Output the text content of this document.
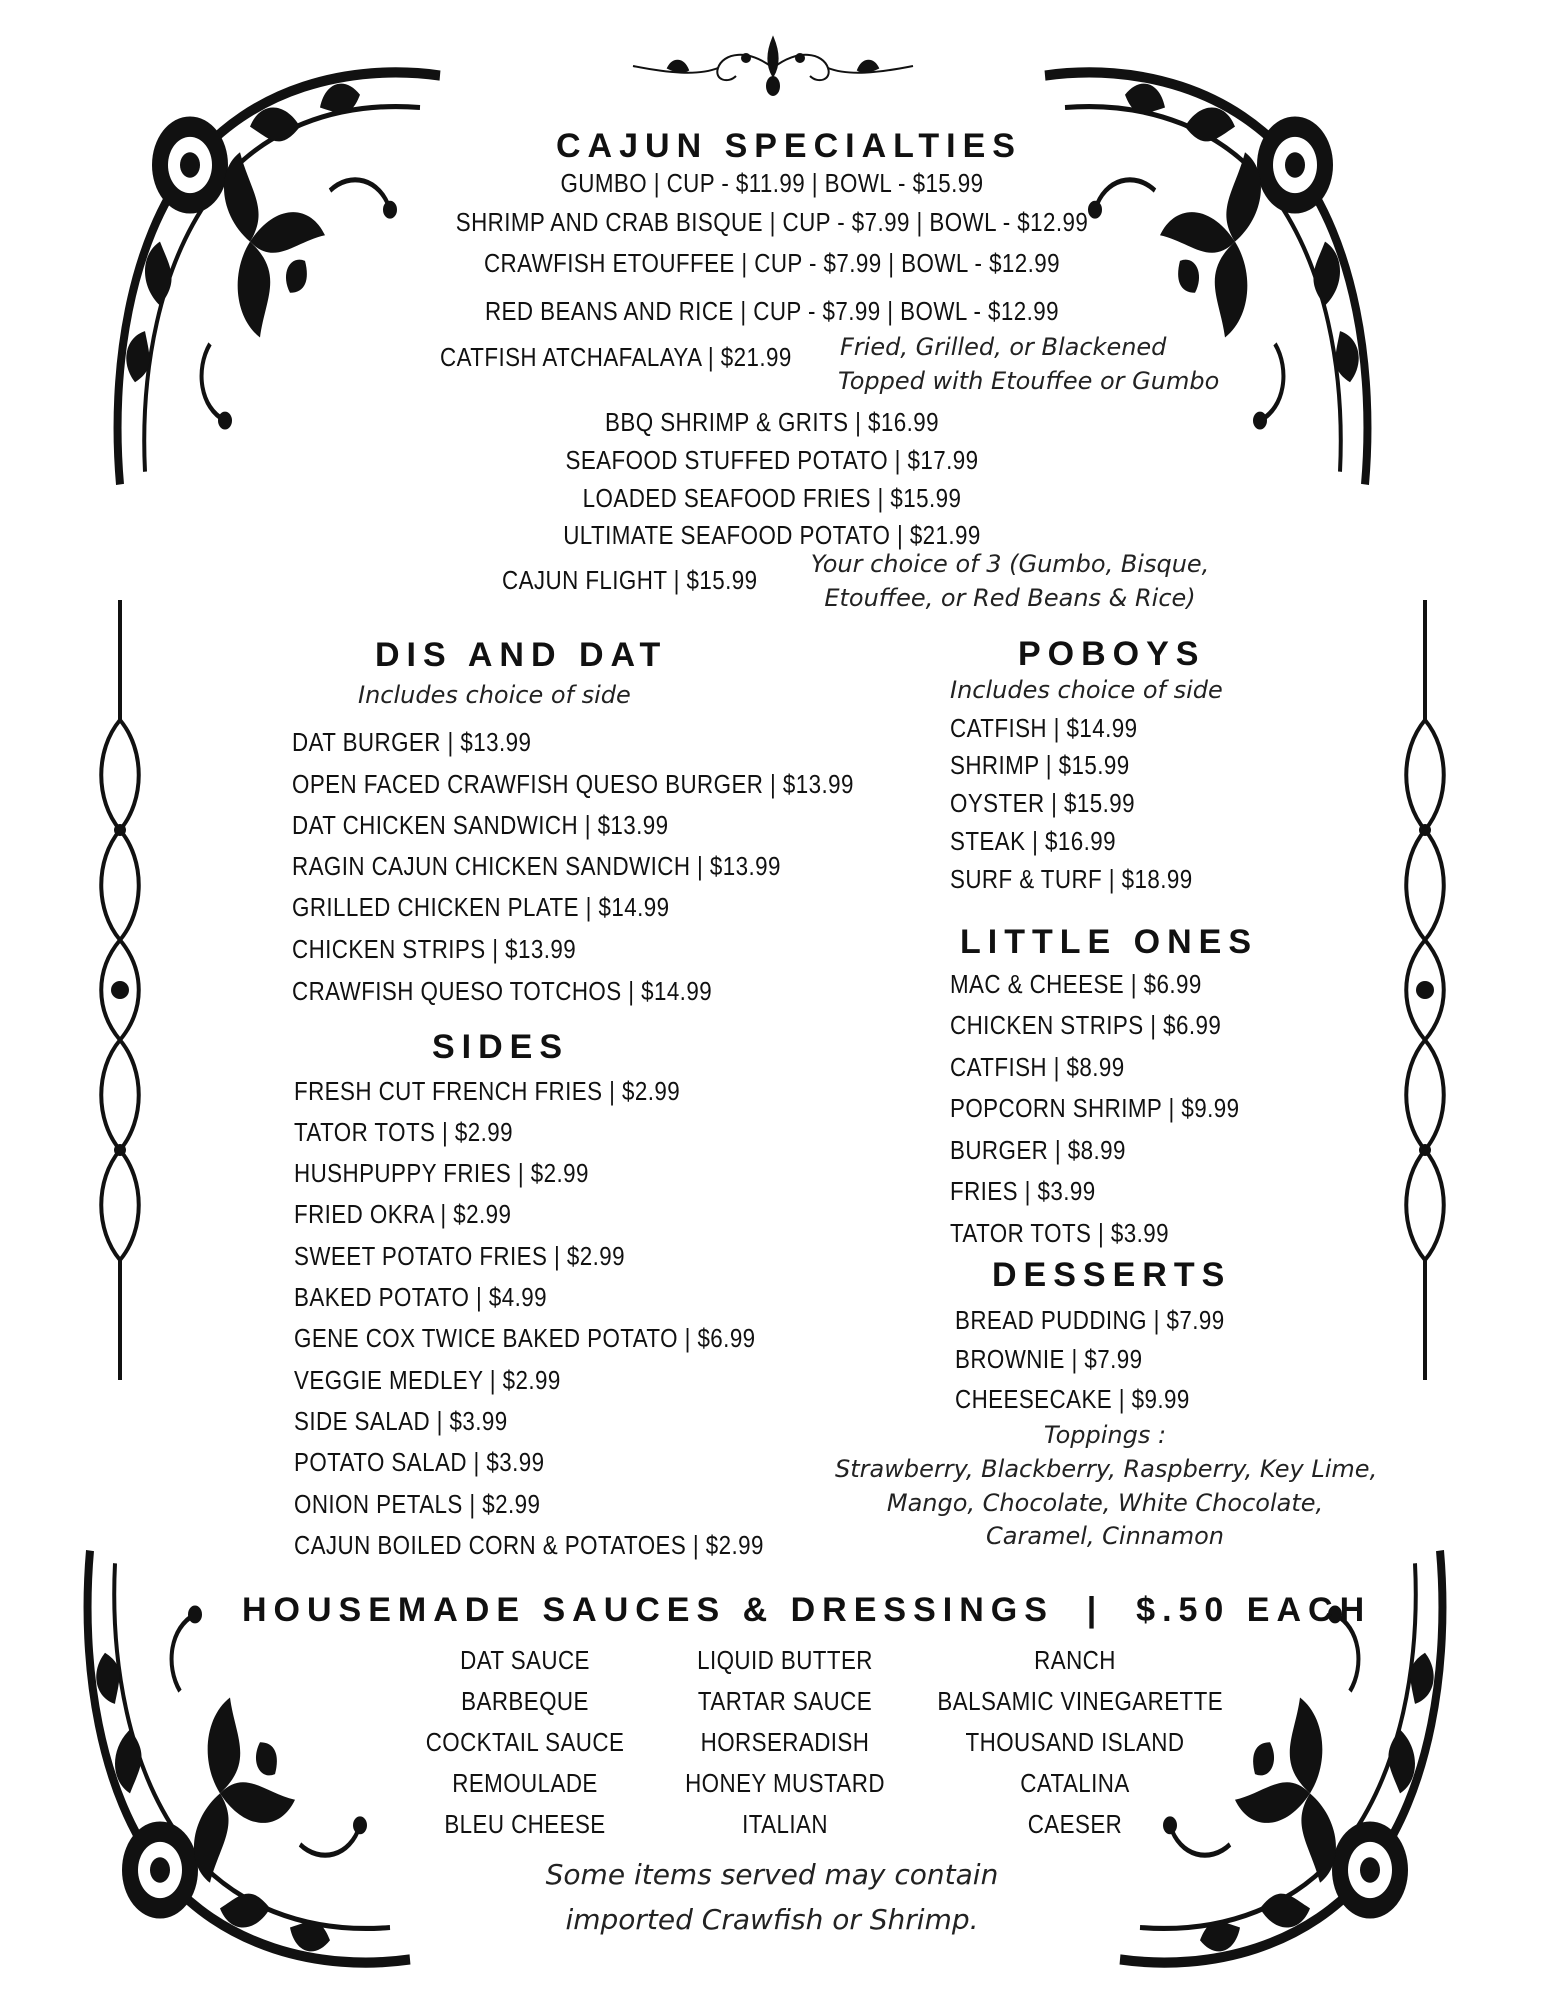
CAJUN SPECIALTIES
GUMBO | CUP - $11.99 | BOWL - $15.99
SHRIMP AND CRAB BISQUE | CUP - $7.99 | BOWL - $12.99
CRAWFISH ETOUFFEE | CUP - $7.99 | BOWL - $12.99
RED BEANS AND RICE | CUP - $7.99 | BOWL - $12.99
CATFISH ATCHAFALAYA | $21.99 Fried, Grilled, or Blackened
Topped with Etouffee or Gumbo
BBQ SHRIMP & GRITS | $16.99
SEAFOOD STUFFED POTATO | $17.99
LOADED SEAFOOD FRIES | $15.99
ULTIMATE SEAFOOD POTATO | $21.99
CAJUN FLIGHT | $15.99
Your choice of 3 (Gumbo, Bisque,
Etouffee, or Red Beans & Rice)
DIS AND DAT
Includes choice of side
DAT BURGER | $13.99
OPEN FACED CRAWFISH QUESO BURGER | $13.99
DAT CHICKEN SANDWICH | $13.99
RAGIN CAJUN CHICKEN SANDWICH | $13.99
GRILLED CHICKEN PLATE | $14.99
CHICKEN STRIPS | $13.99
CRAWFISH QUESO TOTCHOS | $14.99
SIDES
FRESH CUT FRENCH FRIES | $2.99
TATOR TOTS | $2.99
HUSHPUPPY FRIES | $2.99
FRIED OKRA | $2.99
SWEET POTATO FRIES | $2.99
BAKED POTATO | $4.99
GENE COX TWICE BAKED POTATO | $6.99
VEGGIE MEDLEY | $2.99
SIDE SALAD | $3.99
POTATO SALAD | $3.99
ONION PETALS | $2.99
CAJUN BOILED CORN & POTATOES | $2.99
POBOYS
Includes choice of side
CATFISH | $14.99
SHRIMP | $15.99
OYSTER | $15.99
STEAK | $16.99
SURF & TURF | $18.99
LITTLE ONES
MAC & CHEESE | $6.99
CHICKEN STRIPS | $6.99
CATFISH | $8.99
POPCORN SHRIMP | $9.99
BURGER | $8.99
FRIES | $3.99
TATOR TOTS | $3.99
DESSERTS
BREAD PUDDING | $7.99
BROWNIE | $7.99
CHEESECAKE | $9.99
Toppings :
Strawberry, Blackberry, Raspberry, Key Lime,
Mango, Chocolate, White Chocolate,
Caramel, Cinnamon
HOUSEMADE SAUCES & DRESSINGS  |  $.50 EACH
DAT SAUCE
BARBEQUE
COCKTAIL SAUCE
REMOULADE
BLEU CHEESE
LIQUID BUTTER
TARTAR SAUCE
HORSERADISH
HONEY MUSTARD
ITALIAN
RANCH
BALSAMIC VINEGARETTE
THOUSAND ISLAND
CATALINA
CAESER
Some items served may contain
imported Crawfish or Shrimp.
